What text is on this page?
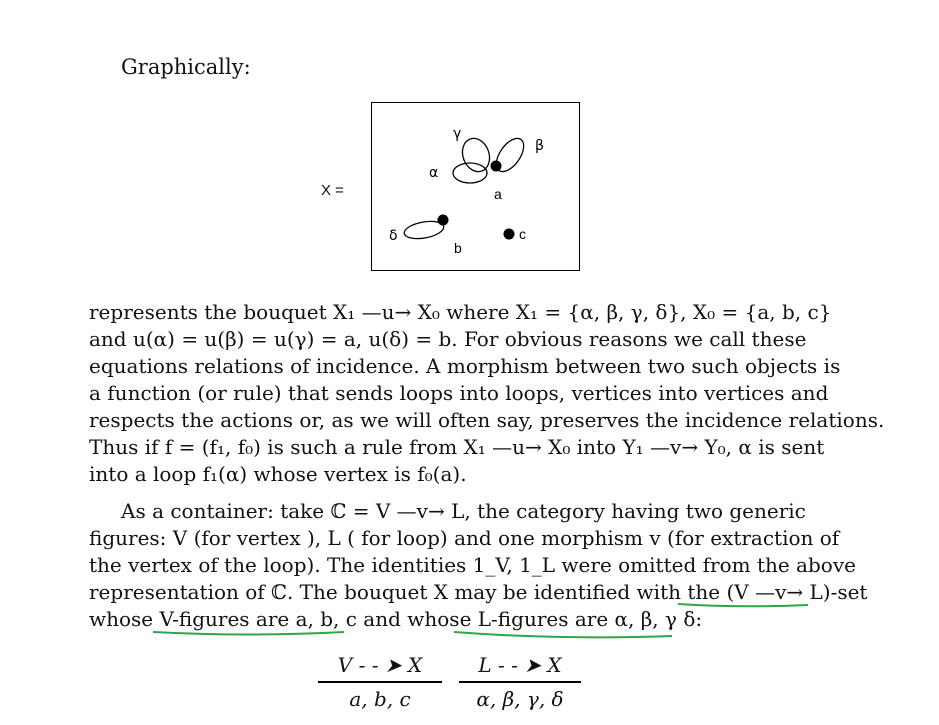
Graphically:
X =
γ
β
α
a
δ
b
c
represents the bouquet X₁ —u→ X₀ where X₁ = {α, β, γ, δ}, X₀ = {a, b, c}
and u(α) = u(β) = u(γ) = a, u(δ) = b. For obvious reasons we call these
equations relations of incidence. A morphism between two such objects is
a function (or rule) that sends loops into loops, vertices into vertices and
respects the actions or, as we will often say, preserves the incidence relations.
Thus if f = (f₁, f₀) is such a rule from X₁ —u→ X₀ into Y₁ —v→ Y₀, α is sent
into a loop f₁(α) whose vertex is f₀(a).
As a container: take ℂ = V —v→ L, the category having two generic
figures: V (for vertex ), L ( for loop) and one morphism v (for extraction of
the vertex of the loop). The identities 1_V, 1_L were omitted from the above
representation of ℂ. The bouquet X may be identified with the (V —v→ L)-set
whose V-figures are a, b, c and whose L-figures are α, β, γ δ:
V - - ➤ X
a, b, c
L - - ➤ X
α, β, γ, δ
